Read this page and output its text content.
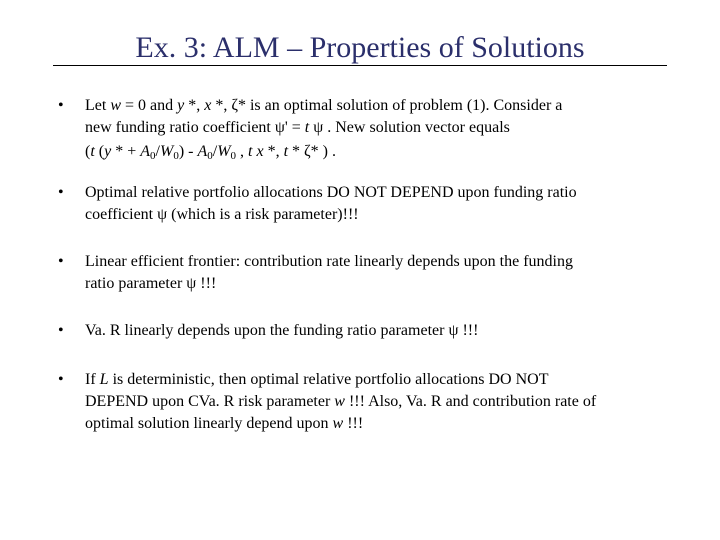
Ex. 3: ALM – Properties of Solutions
•	Let w = 0 and y *, x *, ζ* is an optimal solution of problem (1). Consider a
new funding ratio coefficient ψ' = t ψ . New solution vector equals
(t (y * + $A_0/W_0) - A_0/W_0$ , t x *, t * ζ* ) .
•	Optimal relative portfolio allocations DO NOT DEPEND upon funding ratio
coefficient ψ (which is a risk parameter)!!!
•	Linear efficient frontier: contribution rate linearly depends upon the funding
ratio parameter ψ !!!
•	Va. R linearly depends upon the funding ratio parameter ψ !!!
•	If L is deterministic, then optimal relative portfolio allocations DO NOT
DEPEND upon CVa. R risk parameter w !!! Also, Va. R and contribution rate of
optimal solution linearly depend upon w !!!
